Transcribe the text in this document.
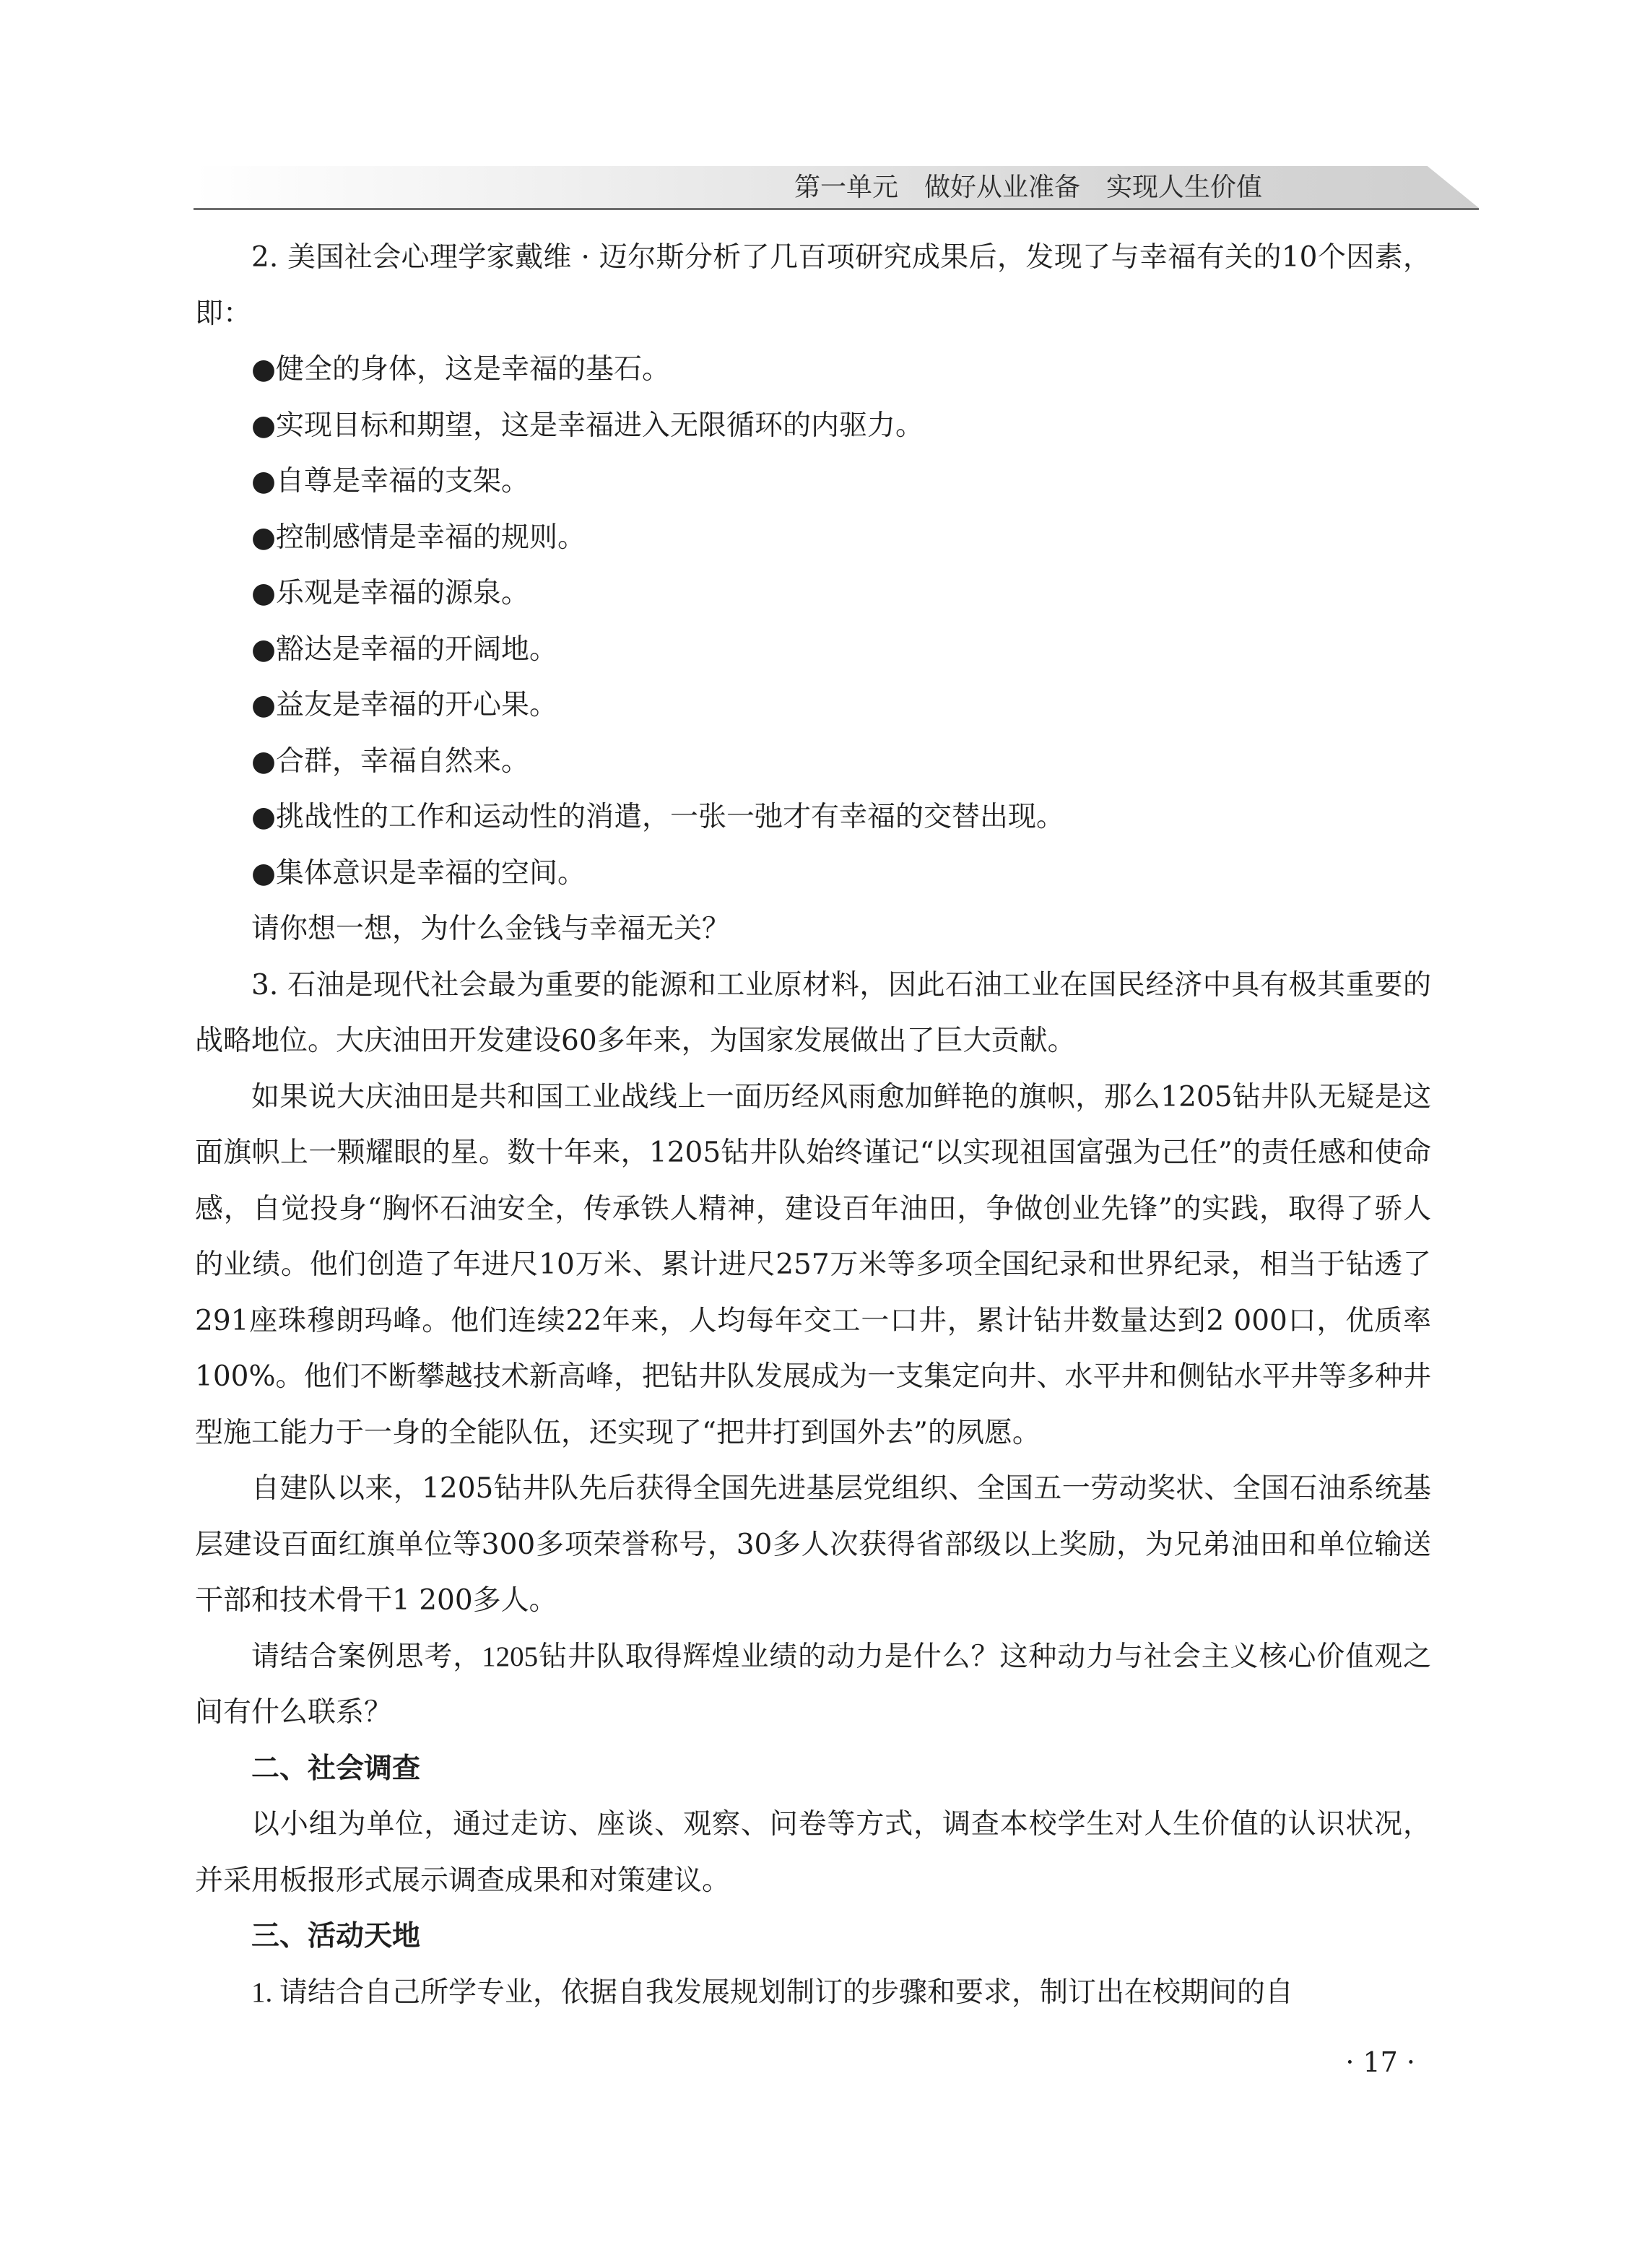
第一单元　做好从业准备　实现人生价值

2. 美国社会心理学家戴维 · 迈尔斯分析了几百项研究成果后，发现了与幸福有关的10个因素，即：

●健全的身体，这是幸福的基石。

●实现目标和期望，这是幸福进入无限循环的内驱力。

●自尊是幸福的支架。

●控制感情是幸福的规则。

●乐观是幸福的源泉。

●豁达是幸福的开阔地。

●益友是幸福的开心果。

●合群，幸福自然来。

●挑战性的工作和运动性的消遣，一张一弛才有幸福的交替出现。

●集体意识是幸福的空间。

请你想一想，为什么金钱与幸福无关？

3. 石油是现代社会最为重要的能源和工业原材料，因此石油工业在国民经济中具有极其重要的战略地位。大庆油田开发建设60多年来，为国家发展做出了巨大贡献。

如果说大庆油田是共和国工业战线上一面历经风雨愈加鲜艳的旗帜，那么1205钻井队无疑是这面旗帜上一颗耀眼的星。数十年来，1205钻井队始终谨记“以实现祖国富强为己任”的责任感和使命感，自觉投身“胸怀石油安全，传承铁人精神，建设百年油田，争做创业先锋”的实践，取得了骄人的业绩。他们创造了年进尺10万米、累计进尺257万米等多项全国纪录和世界纪录，相当于钻透了291座珠穆朗玛峰。他们连续22年来，人均每年交工一口井，累计钻井数量达到2 000口，优质率100%。他们不断攀越技术新高峰，把钻井队发展成为一支集定向井、水平井和侧钻水平井等多种井型施工能力于一身的全能队伍，还实现了“把井打到国外去”的夙愿。

自建队以来，1205钻井队先后获得全国先进基层党组织、全国五一劳动奖状、全国石油系统基层建设百面红旗单位等300多项荣誉称号，30多人次获得省部级以上奖励，为兄弟油田和单位输送干部和技术骨干1 200多人。

请结合案例思考，1205钻井队取得辉煌业绩的动力是什么？这种动力与社会主义核心价值观之间有什么联系？

二、社会调查

以小组为单位，通过走访、座谈、观察、问卷等方式，调查本校学生对人生价值的认识状况，并采用板报形式展示调查成果和对策建议。

三、活动天地

1. 请结合自己所学专业，依据自我发展规划制订的步骤和要求，制订出在校期间的自

· 17 ·
